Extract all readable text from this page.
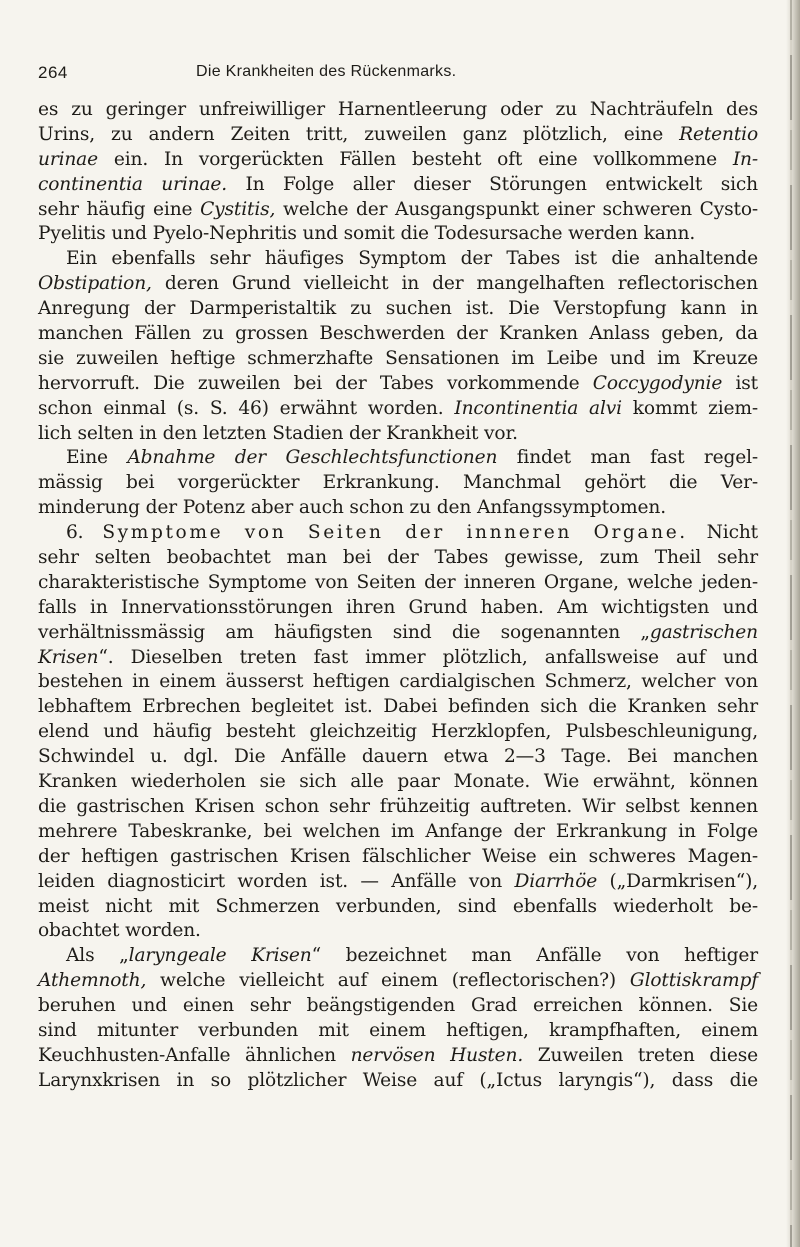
264	Die Krankheiten des Rückenmarks.
es zu geringer unfreiwilliger Harnentleerung oder zu Nachträufeln des
Urins, zu andern Zeiten tritt, zuweilen ganz plötzlich, eine Retentio
urinae ein. In vorgerückten Fällen besteht oft eine vollkommene In-
continentia urinae. In Folge aller dieser Störungen entwickelt sich
sehr häufig eine Cystitis, welche der Ausgangspunkt einer schweren Cysto-
Pyelitis und Pyelo-Nephritis und somit die Todesursache werden kann.
Ein ebenfalls sehr häufiges Symptom der Tabes ist die anhaltende
Obstipation, deren Grund vielleicht in der mangelhaften reflectorischen
Anregung der Darmperistaltik zu suchen ist. Die Verstopfung kann in
manchen Fällen zu grossen Beschwerden der Kranken Anlass geben, da
sie zuweilen heftige schmerzhafte Sensationen im Leibe und im Kreuze
hervorruft. Die zuweilen bei der Tabes vorkommende Coccygodynie ist
schon einmal (s. S. 46) erwähnt worden. Incontinentia alvi kommt ziem-
lich selten in den letzten Stadien der Krankheit vor.
Eine Abnahme der Geschlechtsfunctionen findet man fast regel-
mässig bei vorgerückter Erkrankung. Manchmal gehört die Ver-
minderung der Potenz aber auch schon zu den Anfangssymptomen.
6. Symptome von Seiten der innneren Organe. Nicht
sehr selten beobachtet man bei der Tabes gewisse, zum Theil sehr
charakteristische Symptome von Seiten der inneren Organe, welche jeden-
falls in Innervationsstörungen ihren Grund haben. Am wichtigsten und
verhältnissmässig am häufigsten sind die sogenannten „gastrischen
Krisen“. Dieselben treten fast immer plötzlich, anfallsweise auf und
bestehen in einem äusserst heftigen cardialgischen Schmerz, welcher von
lebhaftem Erbrechen begleitet ist. Dabei befinden sich die Kranken sehr
elend und häufig besteht gleichzeitig Herzklopfen, Pulsbeschleunigung,
Schwindel u. dgl. Die Anfälle dauern etwa 2—3 Tage. Bei manchen
Kranken wiederholen sie sich alle paar Monate. Wie erwähnt, können
die gastrischen Krisen schon sehr frühzeitig auftreten. Wir selbst kennen
mehrere Tabeskranke, bei welchen im Anfange der Erkrankung in Folge
der heftigen gastrischen Krisen fälschlicher Weise ein schweres Magen-
leiden diagnosticirt worden ist. — Anfälle von Diarrhöe („Darmkrisen“),
meist nicht mit Schmerzen verbunden, sind ebenfalls wiederholt be-
obachtet worden.
Als „laryngeale Krisen“ bezeichnet man Anfälle von heftiger
Athemnoth, welche vielleicht auf einem (reflectorischen?) Glottiskrampf
beruhen und einen sehr beängstigenden Grad erreichen können. Sie
sind mitunter verbunden mit einem heftigen, krampfhaften, einem
Keuchhusten-Anfalle ähnlichen nervösen Husten. Zuweilen treten diese
Larynxkrisen in so plötzlicher Weise auf („Ictus laryngis“), dass die
